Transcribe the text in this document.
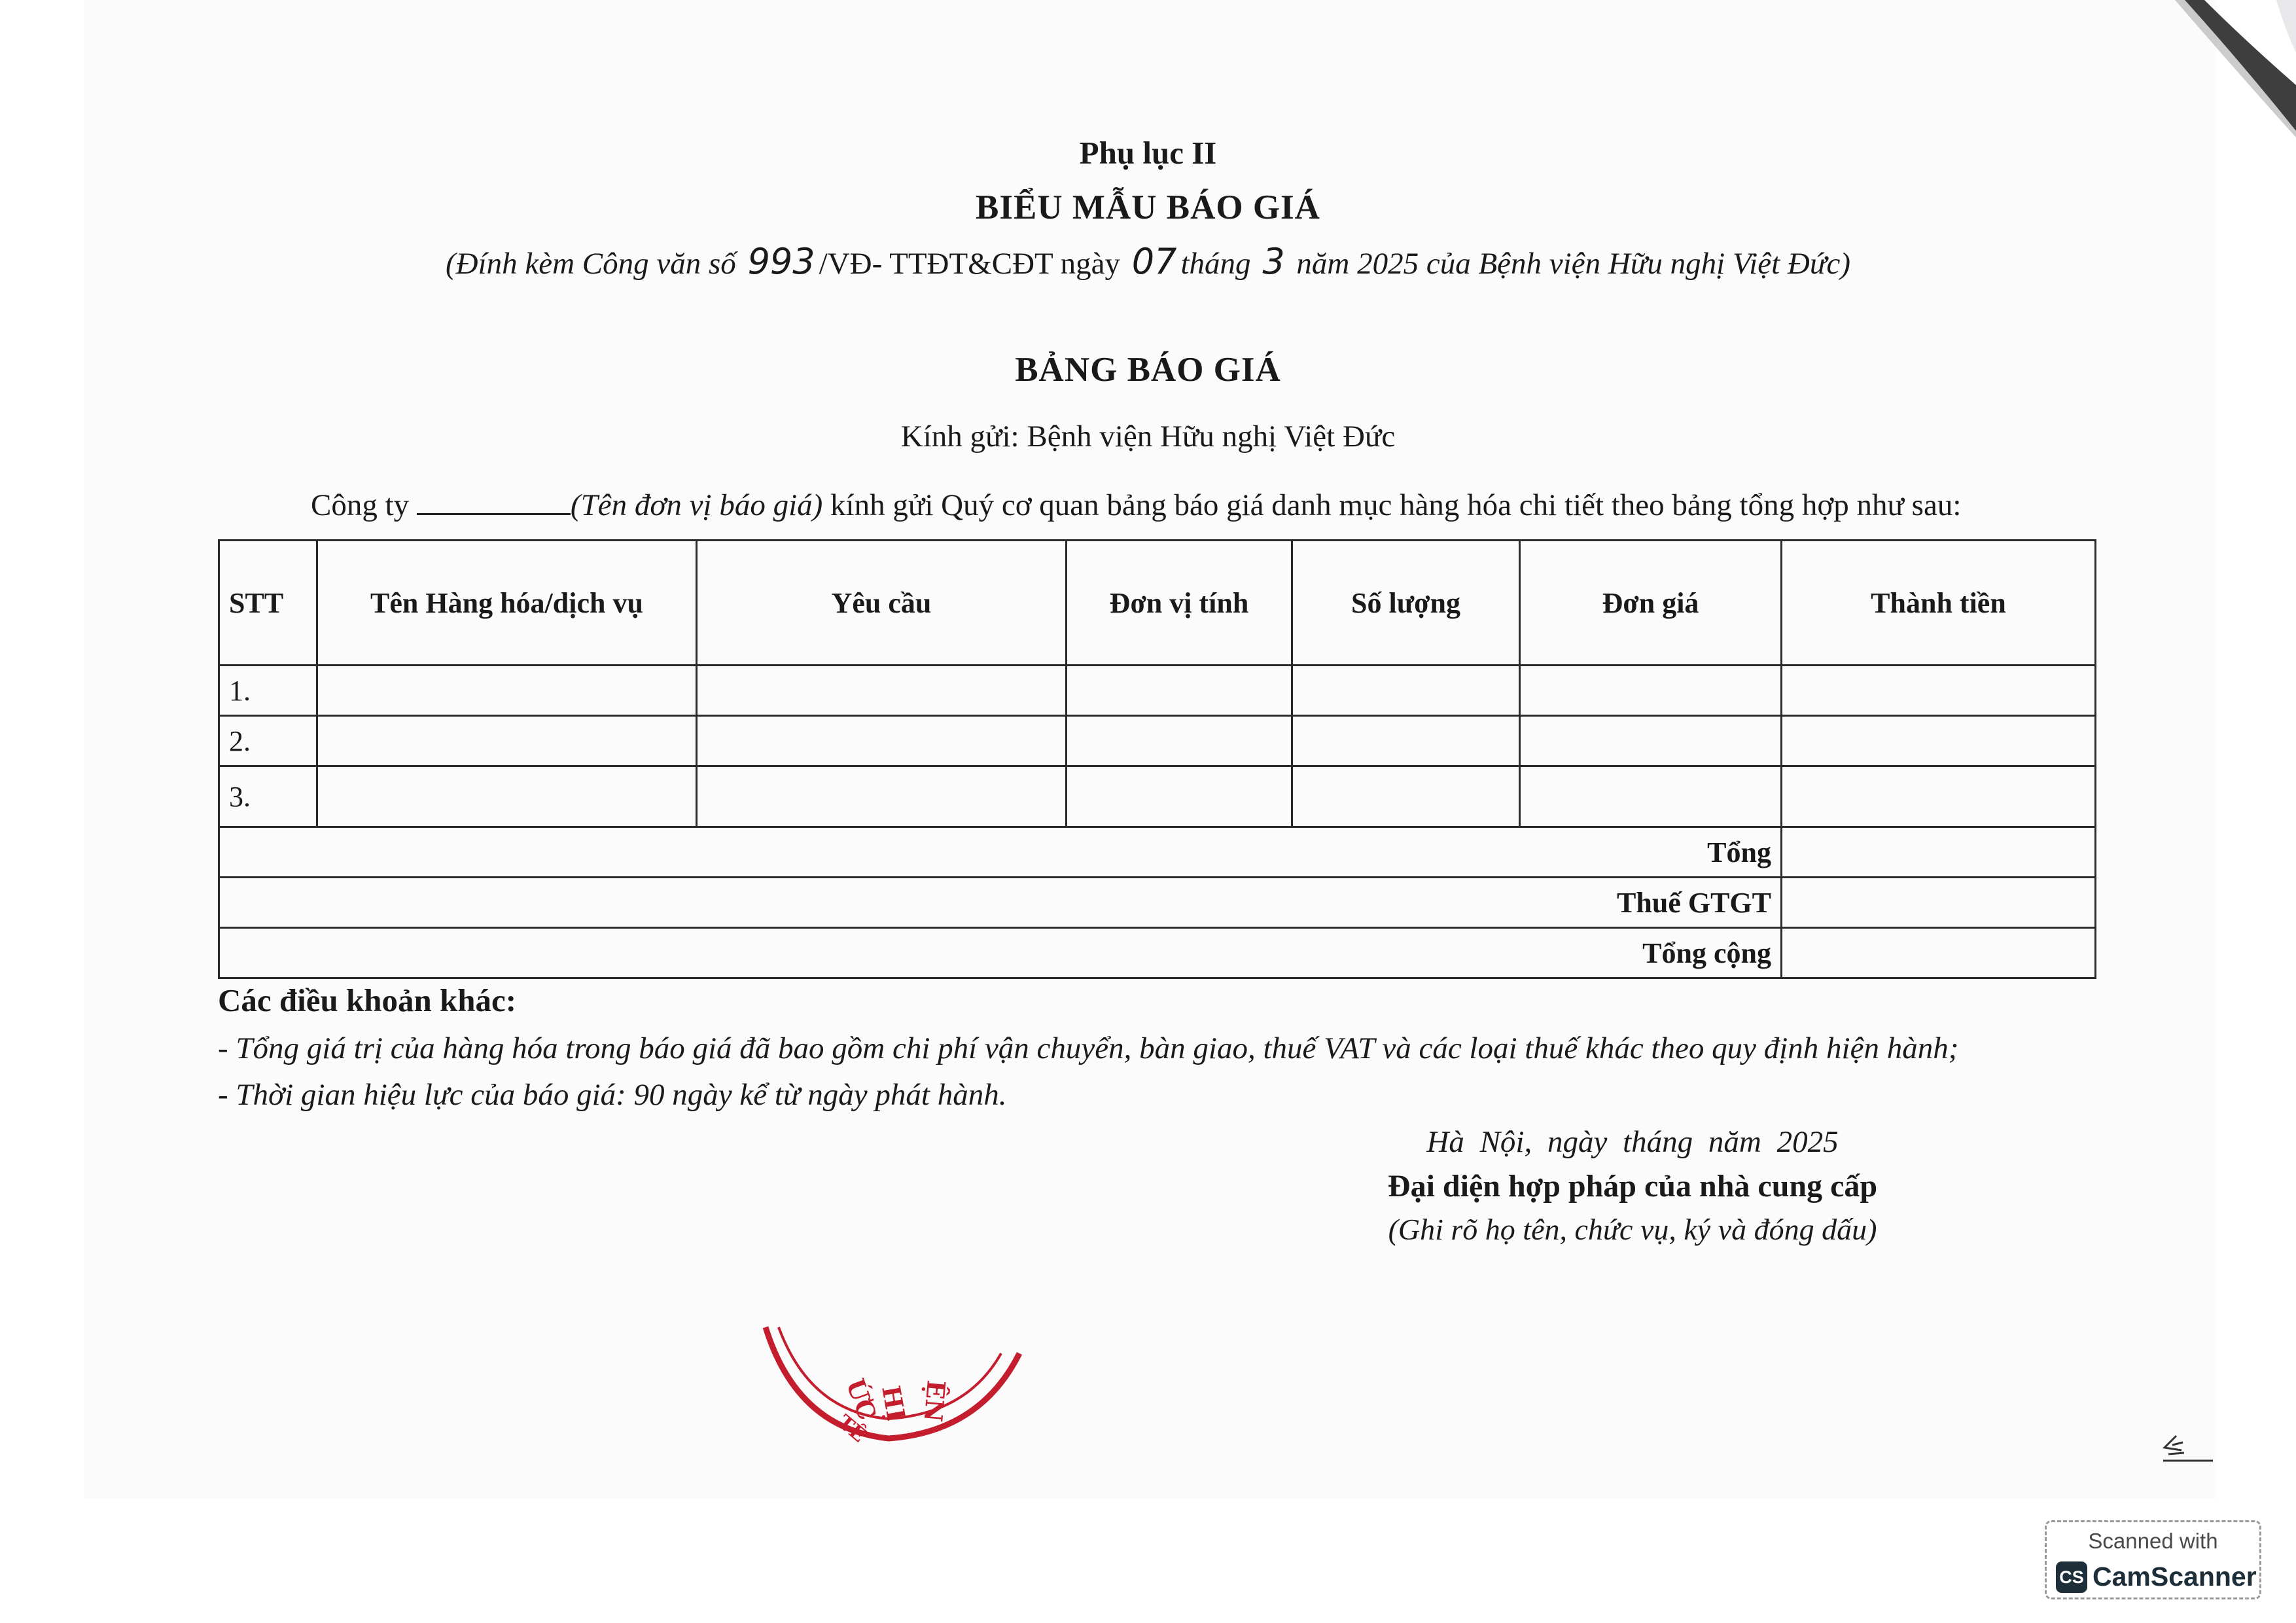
Phụ lục II
BIỂU MẪU BÁO GIÁ
(Đính kèm Công văn số 993 /VĐ- TTĐT&CĐT ngày 07 tháng 3 năm 2025 của Bệnh viện Hữu nghị Việt Đức)
BẢNG BÁO GIÁ
Kính gửi: Bệnh viện Hữu nghị Việt Đức
Công ty	(Tên đơn vị báo giá) kính gửi Quý cơ quan bảng báo giá danh mục hàng hóa chi tiết theo bảng tổng hợp như sau:
STT	Tên Hàng hóa/dịch vụ	Yêu cầu	Đơn vị tính	Số lượng	Đơn giá	Thành tiền
1.						
2.						
3.						
Tổng						
Thuế GTGT						
Tổng cộng						
Các điều khoản khác:
- Tổng giá trị của hàng hóa trong báo giá đã bao gồm chi phí vận chuyển, bàn giao, thuế VAT và các loại thuế khác theo quy định hiện hành;
- Thời gian hiệu lực của báo giá: 90 ngày kể từ ngày phát hành.
Hà Nội, ngày tháng năm 2025
Đại diện hợp pháp của nhà cung cấp
(Ghi rõ họ tên, chức vụ, ký và đóng dấu)
ỨC
HỊ ỆN
TÊ
Scanned with
CS CamScanner
